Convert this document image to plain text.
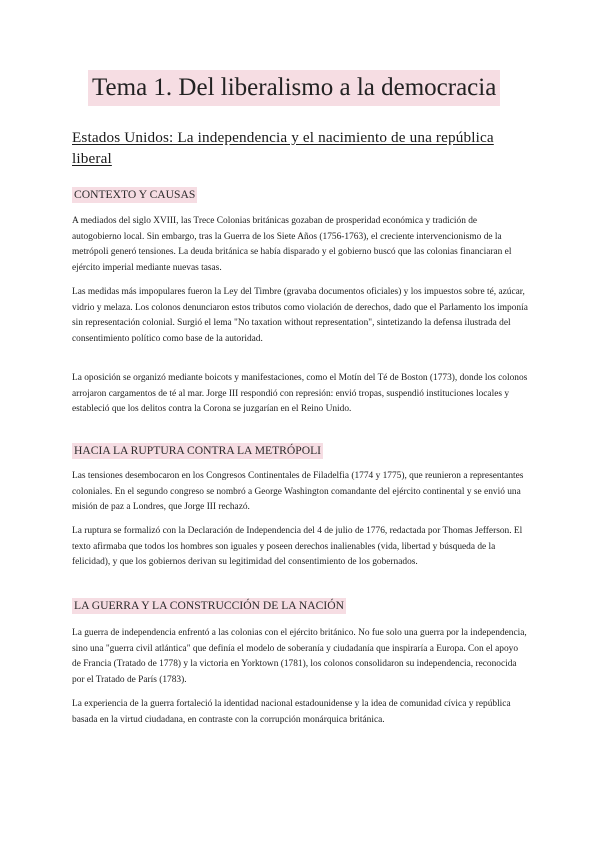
Tema 1. Del liberalismo a la democracia
Estados Unidos: La independencia y el nacimiento de una república liberal
CONTEXTO Y CAUSAS

A mediados del siglo XVIII, las Trece Colonias británicas gozaban de prosperidad económica y tradición de autogobierno local. Sin embargo, tras la Guerra de los Siete Años (1756-1763), el creciente intervencionismo de la metrópoli generó tensiones. La deuda británica se había disparado y el gobierno buscó que las colonias financiaran el ejército imperial mediante nuevas tasas.

Las medidas más impopulares fueron la Ley del Timbre (gravaba documentos oficiales) y los impuestos sobre té, azúcar, vidrio y melaza. Los colonos denunciaron estos tributos como violación de derechos, dado que el Parlamento los imponía sin representación colonial. Surgió el lema "No taxation without representation", sintetizando la defensa ilustrada del consentimiento político como base de la autoridad.

La oposición se organizó mediante boicots y manifestaciones, como el Motín del Té de Boston (1773), donde los colonos arrojaron cargamentos de té al mar. Jorge III respondió con represión: envió tropas, suspendió instituciones locales y estableció que los delitos contra la Corona se juzgarían en el Reino Unido.

HACIA LA RUPTURA CONTRA LA METRÓPOLI

Las tensiones desembocaron en los Congresos Continentales de Filadelfia (1774 y 1775), que reunieron a representantes coloniales. En el segundo congreso se nombró a George Washington comandante del ejército continental y se envió una misión de paz a Londres, que Jorge III rechazó.

La ruptura se formalizó con la Declaración de Independencia del 4 de julio de 1776, redactada por Thomas Jefferson. El texto afirmaba que todos los hombres son iguales y poseen derechos inalienables (vida, libertad y búsqueda de la felicidad), y que los gobiernos derivan su legitimidad del consentimiento de los gobernados.

LA GUERRA Y LA CONSTRUCCIÓN DE LA NACIÓN

La guerra de independencia enfrentó a las colonias con el ejército británico. No fue solo una guerra por la independencia, sino una "guerra civil atlántica" que definía el modelo de soberanía y ciudadanía que inspiraría a Europa. Con el apoyo de Francia (Tratado de 1778) y la victoria en Yorktown (1781), los colonos consolidaron su independencia, reconocida por el Tratado de París (1783).

La experiencia de la guerra fortaleció la identidad nacional estadounidense y la idea de comunidad cívica y república basada en la virtud ciudadana, en contraste con la corrupción monárquica británica.
